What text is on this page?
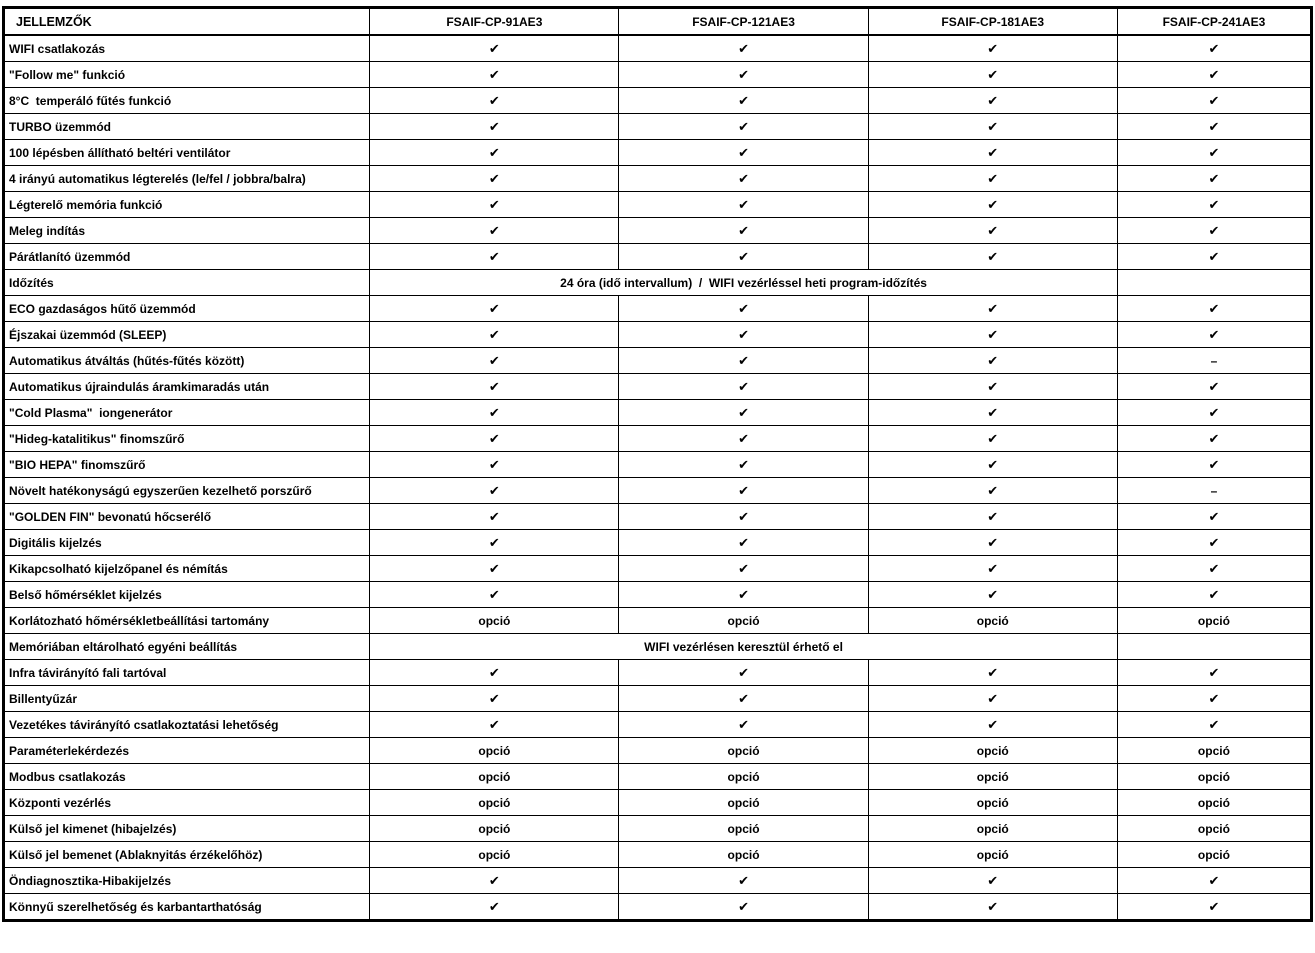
JELLEMZŐK	FSAIF-CP-91AE3	FSAIF-CP-121AE3	FSAIF-CP-181AE3	FSAIF-CP-241AE3
WIFI csatlakozás	✔	✔	✔	✔
"Follow me" funkció	✔	✔	✔	✔
8°C  temperáló fűtés funkció	✔	✔	✔	✔
TURBO üzemmód	✔	✔	✔	✔
100 lépésben állítható beltéri ventilátor	✔	✔	✔	✔
4 irányú automatikus légterelés (le/fel / jobbra/balra)	✔	✔	✔	✔
Légterelő memória funkció	✔	✔	✔	✔
Meleg indítás	✔	✔	✔	✔
Párátlanító üzemmód	✔	✔	✔	✔
Időzítés	24 óra (idő intervallum)  /  WIFI vezérléssel heti program-időzítés			
ECO gazdaságos hűtő üzemmód	✔	✔	✔	✔
Éjszakai üzemmód (SLEEP)	✔	✔	✔	✔
Automatikus átváltás (hűtés-fűtés között)	✔	✔	✔	–
Automatikus újraindulás áramkimaradás után	✔	✔	✔	✔
"Cold Plasma"  iongenerátor	✔	✔	✔	✔
"Hideg-katalitikus" finomszűrő	✔	✔	✔	✔
"BIO HEPA" finomszűrő	✔	✔	✔	✔
Növelt hatékonyságú egyszerűen kezelhető porszűrő	✔	✔	✔	–
"GOLDEN FIN" bevonatú hőcserélő	✔	✔	✔	✔
Digitális kijelzés	✔	✔	✔	✔
Kikapcsolható kijelzőpanel és némítás	✔	✔	✔	✔
Belső hőmérséklet kijelzés	✔	✔	✔	✔
Korlátozható hőmérsékletbeállítási tartomány	opció	opció	opció	opció
Memóriában eltárolható egyéni beállítás	WIFI vezérlésen keresztül érhető el			
Infra távirányító fali tartóval	✔	✔	✔	✔
Billentyűzár	✔	✔	✔	✔
Vezetékes távirányító csatlakoztatási lehetőség	✔	✔	✔	✔
Paraméterlekérdezés	opció	opció	opció	opció
Modbus csatlakozás	opció	opció	opció	opció
Központi vezérlés	opció	opció	opció	opció
Külső jel kimenet (hibajelzés)	opció	opció	opció	opció
Külső jel bemenet (Ablaknyitás érzékelőhöz)	opció	opció	opció	opció
Öndiagnosztika-Hibakijelzés	✔	✔	✔	✔
Könnyű szerelhetőség és karbantarthatóság	✔	✔	✔	✔
